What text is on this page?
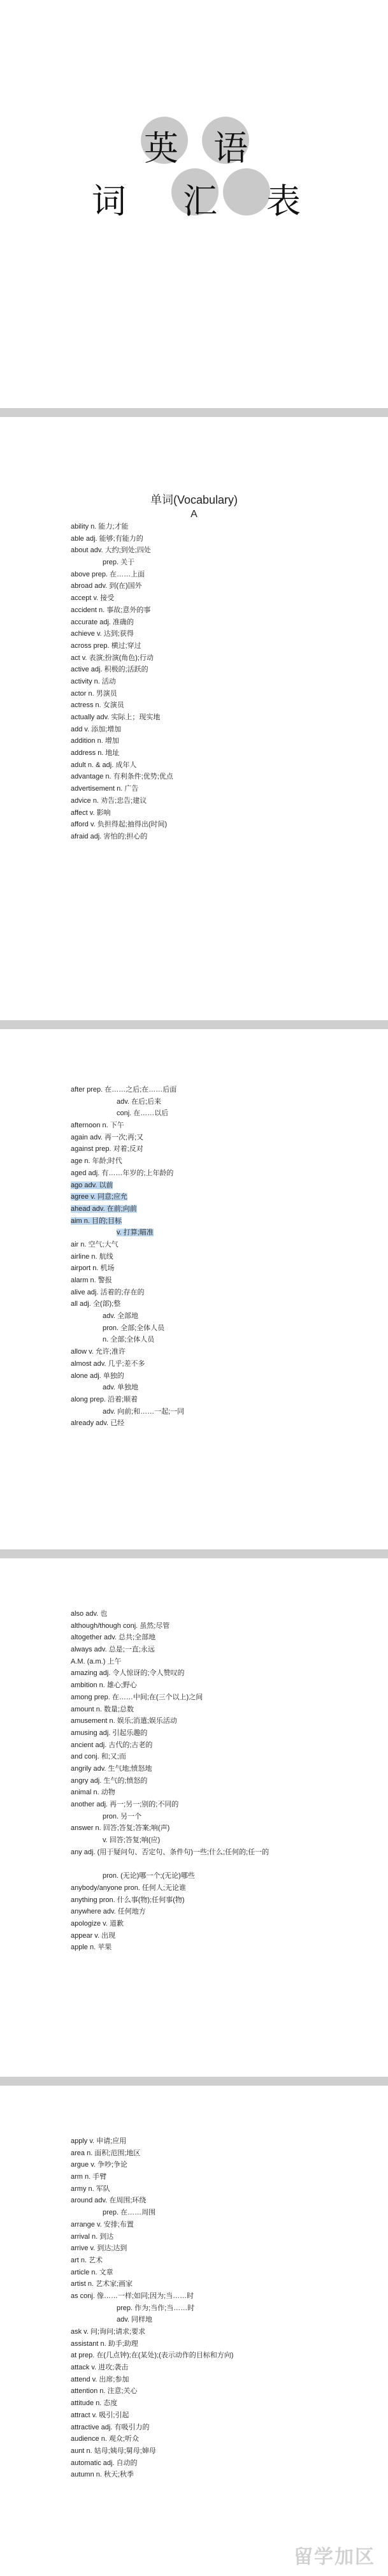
英 语
词 汇 表
单词(Vocabulary)
A
ability n. 能力;才能
able adj. 能够;有能力的
about adv. 大约;到处;四处
prep. 关于
above prep. 在……上面
abroad adv. 到(在)国外
accept v. 接受
accident n. 事故;意外的事
accurate adj. 准确的
achieve v. 达到;获得
across prep. 横过;穿过
act v. 表演;扮演(角色);行动
active adj. 积极的;活跃的
activity n. 活动
actor n. 男演员
actress n. 女演员
actually adv. 实际上；现实地
add v. 添加;增加
addition n. 增加
address n. 地址
adult n. & adj. 成年人
advantage n. 有利条件;优势;优点
advertisement n. 广告
advice n. 劝告;忠告;建议
affect v. 影响
afford v. 负担得起;抽得出(时间)
afraid adj. 害怕的;担心的
after prep. 在……之后;在……后面
adv. 在后;后来
conj. 在……以后
afternoon n. 下午
again adv. 再一次;再;又
against prep. 对着;反对
age n. 年龄;时代
aged adj. 有……年岁的;上年龄的
ago adv. 以前
agree v. 同意;应允
ahead adv. 在前;向前
aim n. 目的;目标
v. 打算;瞄准
air n. 空气;大气
airline n. 航线
airport n. 机场
alarm n. 警报
alive adj. 活着的;存在的
all adj. 全(部);整
adv. 全部地
pron. 全部;全体人员
n. 全部;全体人员
allow v. 允许;准许
almost adv. 几乎;差不多
alone adj. 单独的
adv. 单独地
along prep. 沿着;顺着
adv. 向前;和……一起;一同
already adv. 已经
also adv. 也
although/though conj. 虽然;尽管
altogether adv. 总共;全部地
always adv. 总是;一直;永远
A.M. (a.m.) 上午
amazing adj. 令人惊讶的;令人赞叹的
ambition n. 雄心;野心
among prep. 在……中间;在(三个以上)之间
amount n. 数量;总数
amusement n. 娱乐;消遣;娱乐活动
amusing adj. 引起乐趣的
ancient adj. 古代的;古老的
and conj. 和;又;而
angrily adv. 生气地;愤怒地
angry adj. 生气的;愤怒的
animal n. 动物
another adj. 再一;另一;别的;不同的
pron. 另一个
answer n. 回答;答复;答案;响(声)
v. 回答;答复;响(应)
any adj. (用于疑问句、否定句、条件句)一些;什么;任何的;任一的
pron. (无论)哪一个;(无论)哪些
anybody/anyone pron. 任何人;无论谁
anything pron. 什么事(物);任何事(物)
anywhere adv. 任何地方
apologize v. 道歉
appear v. 出现
apple n. 苹果
apply v. 申请;应用
area n. 面积;范围;地区
argue v. 争吵;争论
arm n. 手臂
army n. 军队
around adv. 在周围;环绕
prep. 在……周围
arrange v. 安排;布置
arrival n. 到达
arrive v. 到达;达到
art n. 艺术
article n. 文章
artist n. 艺术家;画家
as conj. 像……一样;如同;因为;当……时
prep. 作为;当作;当……时
adv. 同样地
ask v. 问;询问;请求;要求
assistant n. 助手;助理
at prep. 在(几点钟);在(某处);(表示动作的目标和方向)
attack v. 进攻;袭击
attend v. 出席;参加
attention n. 注意;关心
attitude n. 态度
attract v. 吸引;引起
attractive adj. 有吸引力的
audience n. 观众;听众
aunt n. 姑母;姨母;舅母;婶母
automatic adj. 自动的
autumn n. 秋天;秋季
留学加区
